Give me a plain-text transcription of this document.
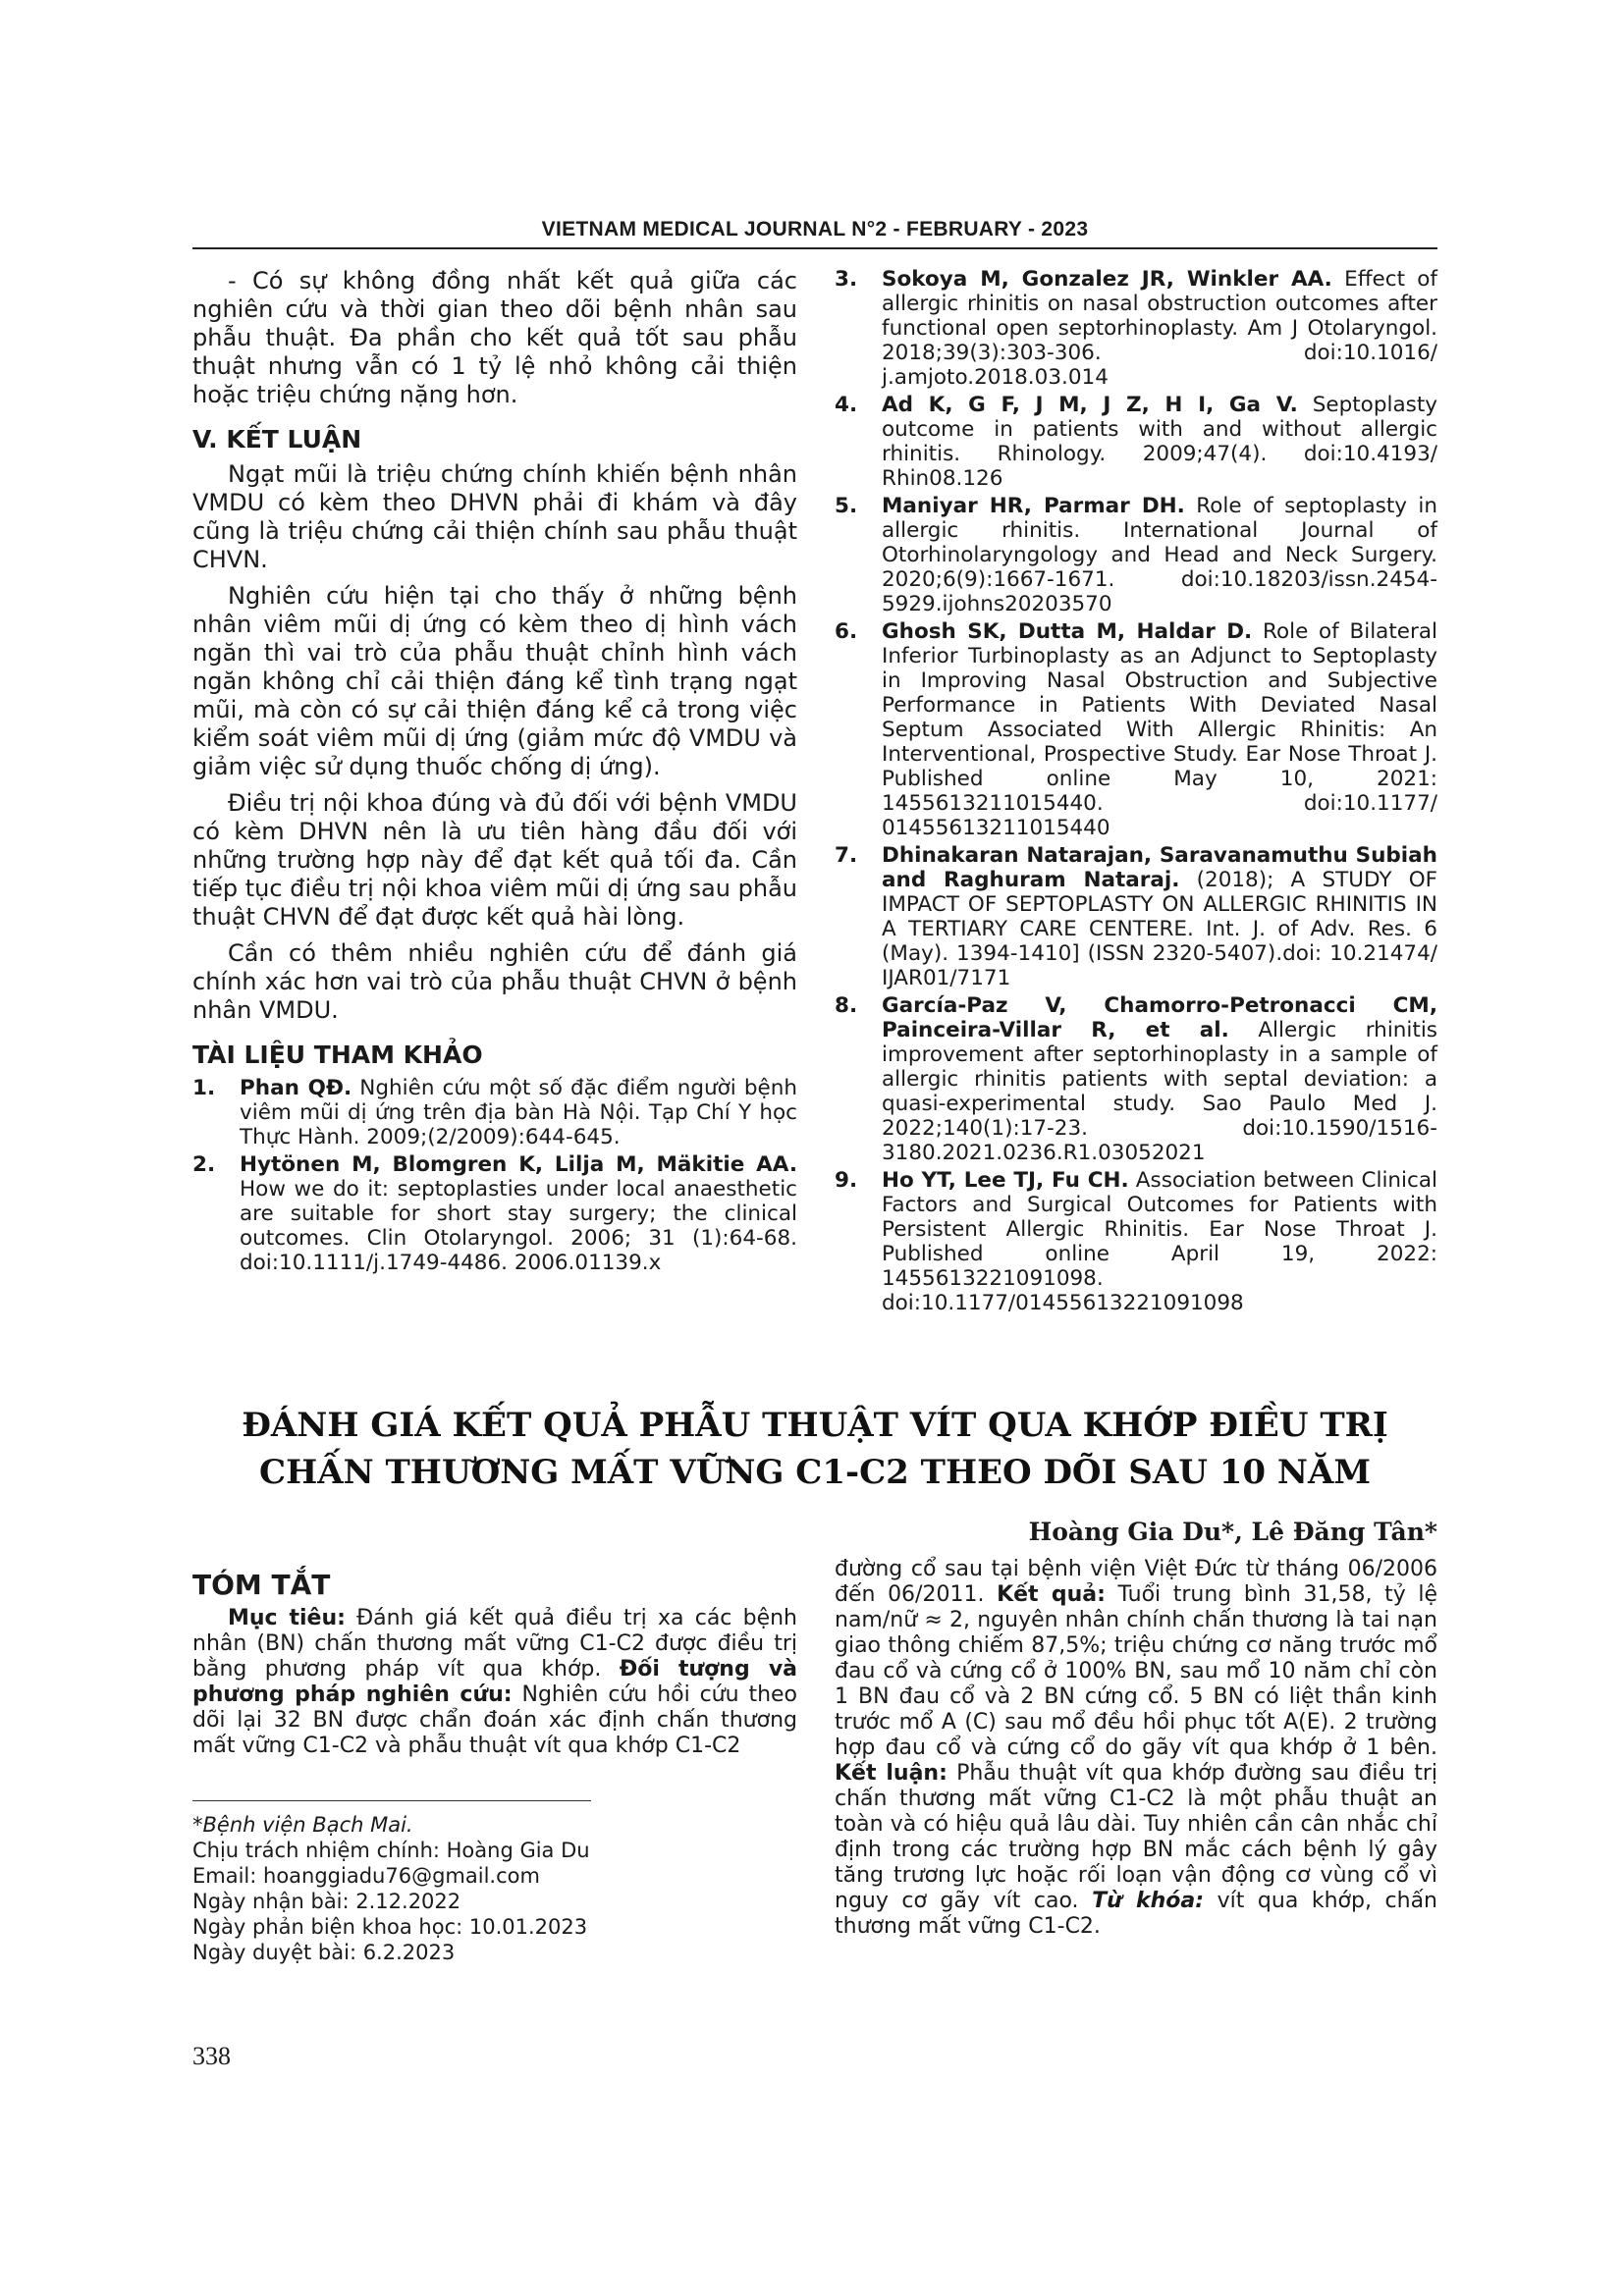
VIETNAM MEDICAL JOURNAL N°2 - FEBRUARY - 2023

- Có sự không đồng nhất kết quả giữa các nghiên cứu và thời gian theo dõi bệnh nhân sau phẫu thuật. Đa phần cho kết quả tốt sau phẫu thuật nhưng vẫn có 1 tỷ lệ nhỏ không cải thiện hoặc triệu chứng nặng hơn.

V. KẾT LUẬN

Ngạt mũi là triệu chứng chính khiến bệnh nhân VMDU có kèm theo DHVN phải đi khám và đây cũng là triệu chứng cải thiện chính sau phẫu thuật CHVN.

Nghiên cứu hiện tại cho thấy ở những bệnh nhân viêm mũi dị ứng có kèm theo dị hình vách ngăn thì vai trò của phẫu thuật chỉnh hình vách ngăn không chỉ cải thiện đáng kể tình trạng ngạt mũi, mà còn có sự cải thiện đáng kể cả trong việc kiểm soát viêm mũi dị ứng (giảm mức độ VMDU và giảm việc sử dụng thuốc chống dị ứng).

Điều trị nội khoa đúng và đủ đối với bệnh VMDU có kèm DHVN nên là ưu tiên hàng đầu đối với những trường hợp này để đạt kết quả tối đa. Cần tiếp tục điều trị nội khoa viêm mũi dị ứng sau phẫu thuật CHVN để đạt được kết quả hài lòng.

Cần có thêm nhiều nghiên cứu để đánh giá chính xác hơn vai trò của phẫu thuật CHVN ở bệnh nhân VMDU.

TÀI LIỆU THAM KHẢO
1. Phan QĐ. Nghiên cứu một số đặc điểm người bệnh viêm mũi dị ứng trên địa bàn Hà Nội. Tạp Chí Y học Thực Hành. 2009;(2/2009):644-645.
2. Hytönen M, Blomgren K, Lilja M, Mäkitie AA. How we do it: septoplasties under local anaesthetic are suitable for short stay surgery; the clinical outcomes. Clin Otolaryngol. 2006; 31 (1):64-68. doi:10.1111/j.1749-4486. 2006.01139.x
3. Sokoya M, Gonzalez JR, Winkler AA. Effect of allergic rhinitis on nasal obstruction outcomes after functional open septorhinoplasty. Am J Otolaryngol. 2018;39(3):303-306. doi:10.1016/ j.amjoto.2018.03.014
4. Ad K, G F, J M, J Z, H I, Ga V. Septoplasty outcome in patients with and without allergic rhinitis. Rhinology. 2009;47(4). doi:10.4193/ Rhin08.126
5. Maniyar HR, Parmar DH. Role of septoplasty in allergic rhinitis. International Journal of Otorhinolaryngology and Head and Neck Surgery. 2020;6(9):1667-1671. doi:10.18203/issn.2454-5929.ijohns20203570
6. Ghosh SK, Dutta M, Haldar D. Role of Bilateral Inferior Turbinoplasty as an Adjunct to Septoplasty in Improving Nasal Obstruction and Subjective Performance in Patients With Deviated Nasal Septum Associated With Allergic Rhinitis: An Interventional, Prospective Study. Ear Nose Throat J. Published online May 10, 2021: 1455613211015440. doi:10.1177/ 01455613211015440
7. Dhinakaran Natarajan, Saravanamuthu Subiah and Raghuram Nataraj. (2018); A STUDY OF IMPACT OF SEPTOPLASTY ON ALLERGIC RHINITIS IN A TERTIARY CARE CENTERE. Int. J. of Adv. Res. 6 (May). 1394-1410] (ISSN 2320-5407).doi: 10.21474/ IJAR01/7171
8. García-Paz V, Chamorro-Petronacci CM, Painceira-Villar R, et al. Allergic rhinitis improvement after septorhinoplasty in a sample of allergic rhinitis patients with septal deviation: a quasi-experimental study. Sao Paulo Med J. 2022;140(1):17-23. doi:10.1590/1516-3180.2021.0236.R1.03052021
9. Ho YT, Lee TJ, Fu CH. Association between Clinical Factors and Surgical Outcomes for Patients with Persistent Allergic Rhinitis. Ear Nose Throat J. Published online April 19, 2022: 1455613221091098. doi:10.1177/01455613221091098
ĐÁNH GIÁ KẾT QUẢ PHẪU THUẬT VÍT QUA KHỚP ĐIỀU TRỊ
CHẤN THƯƠNG MẤT VỮNG C1-C2 THEO DÕI SAU 10 NĂM
Hoàng Gia Du*, Lê Đăng Tân*
TÓM TẮT

Mục tiêu: Đánh giá kết quả điều trị xa các bệnh nhân (BN) chấn thương mất vững C1-C2 được điều trị bằng phương pháp vít qua khớp. Đối tượng và phương pháp nghiên cứu: Nghiên cứu hồi cứu theo dõi lại 32 BN được chẩn đoán xác định chấn thương mất vững C1-C2 và phẫu thuật vít qua khớp C1-C2

đường cổ sau tại bệnh viện Việt Đức từ tháng 06/2006 đến 06/2011. Kết quả: Tuổi trung bình 31,58, tỷ lệ nam/nữ ≈ 2, nguyên nhân chính chấn thương là tai nạn giao thông chiếm 87,5%; triệu chứng cơ năng trước mổ đau cổ và cứng cổ ở 100% BN, sau mổ 10 năm chỉ còn 1 BN đau cổ và 2 BN cứng cổ. 5 BN có liệt thần kinh trước mổ A (C) sau mổ đều hồi phục tốt A(E). 2 trường hợp đau cổ và cứng cổ do gãy vít qua khớp ở 1 bên. Kết luận: Phẫu thuật vít qua khớp đường sau điều trị chấn thương mất vững C1-C2 là một phẫu thuật an toàn và có hiệu quả lâu dài. Tuy nhiên cần cân nhắc chỉ định trong các trường hợp BN mắc cách bệnh lý gây tăng trương lực hoặc rối loạn vận động cơ vùng cổ vì nguy cơ gãy vít cao. Từ khóa: vít qua khớp, chấn thương mất vững C1-C2.

*Bệnh viện Bạch Mai.
Chịu trách nhiệm chính: Hoàng Gia Du
Email: hoanggiadu76@gmail.com
Ngày nhận bài: 2.12.2022
Ngày phản biện khoa học: 10.01.2023
Ngày duyệt bài: 6.2.2023
338
